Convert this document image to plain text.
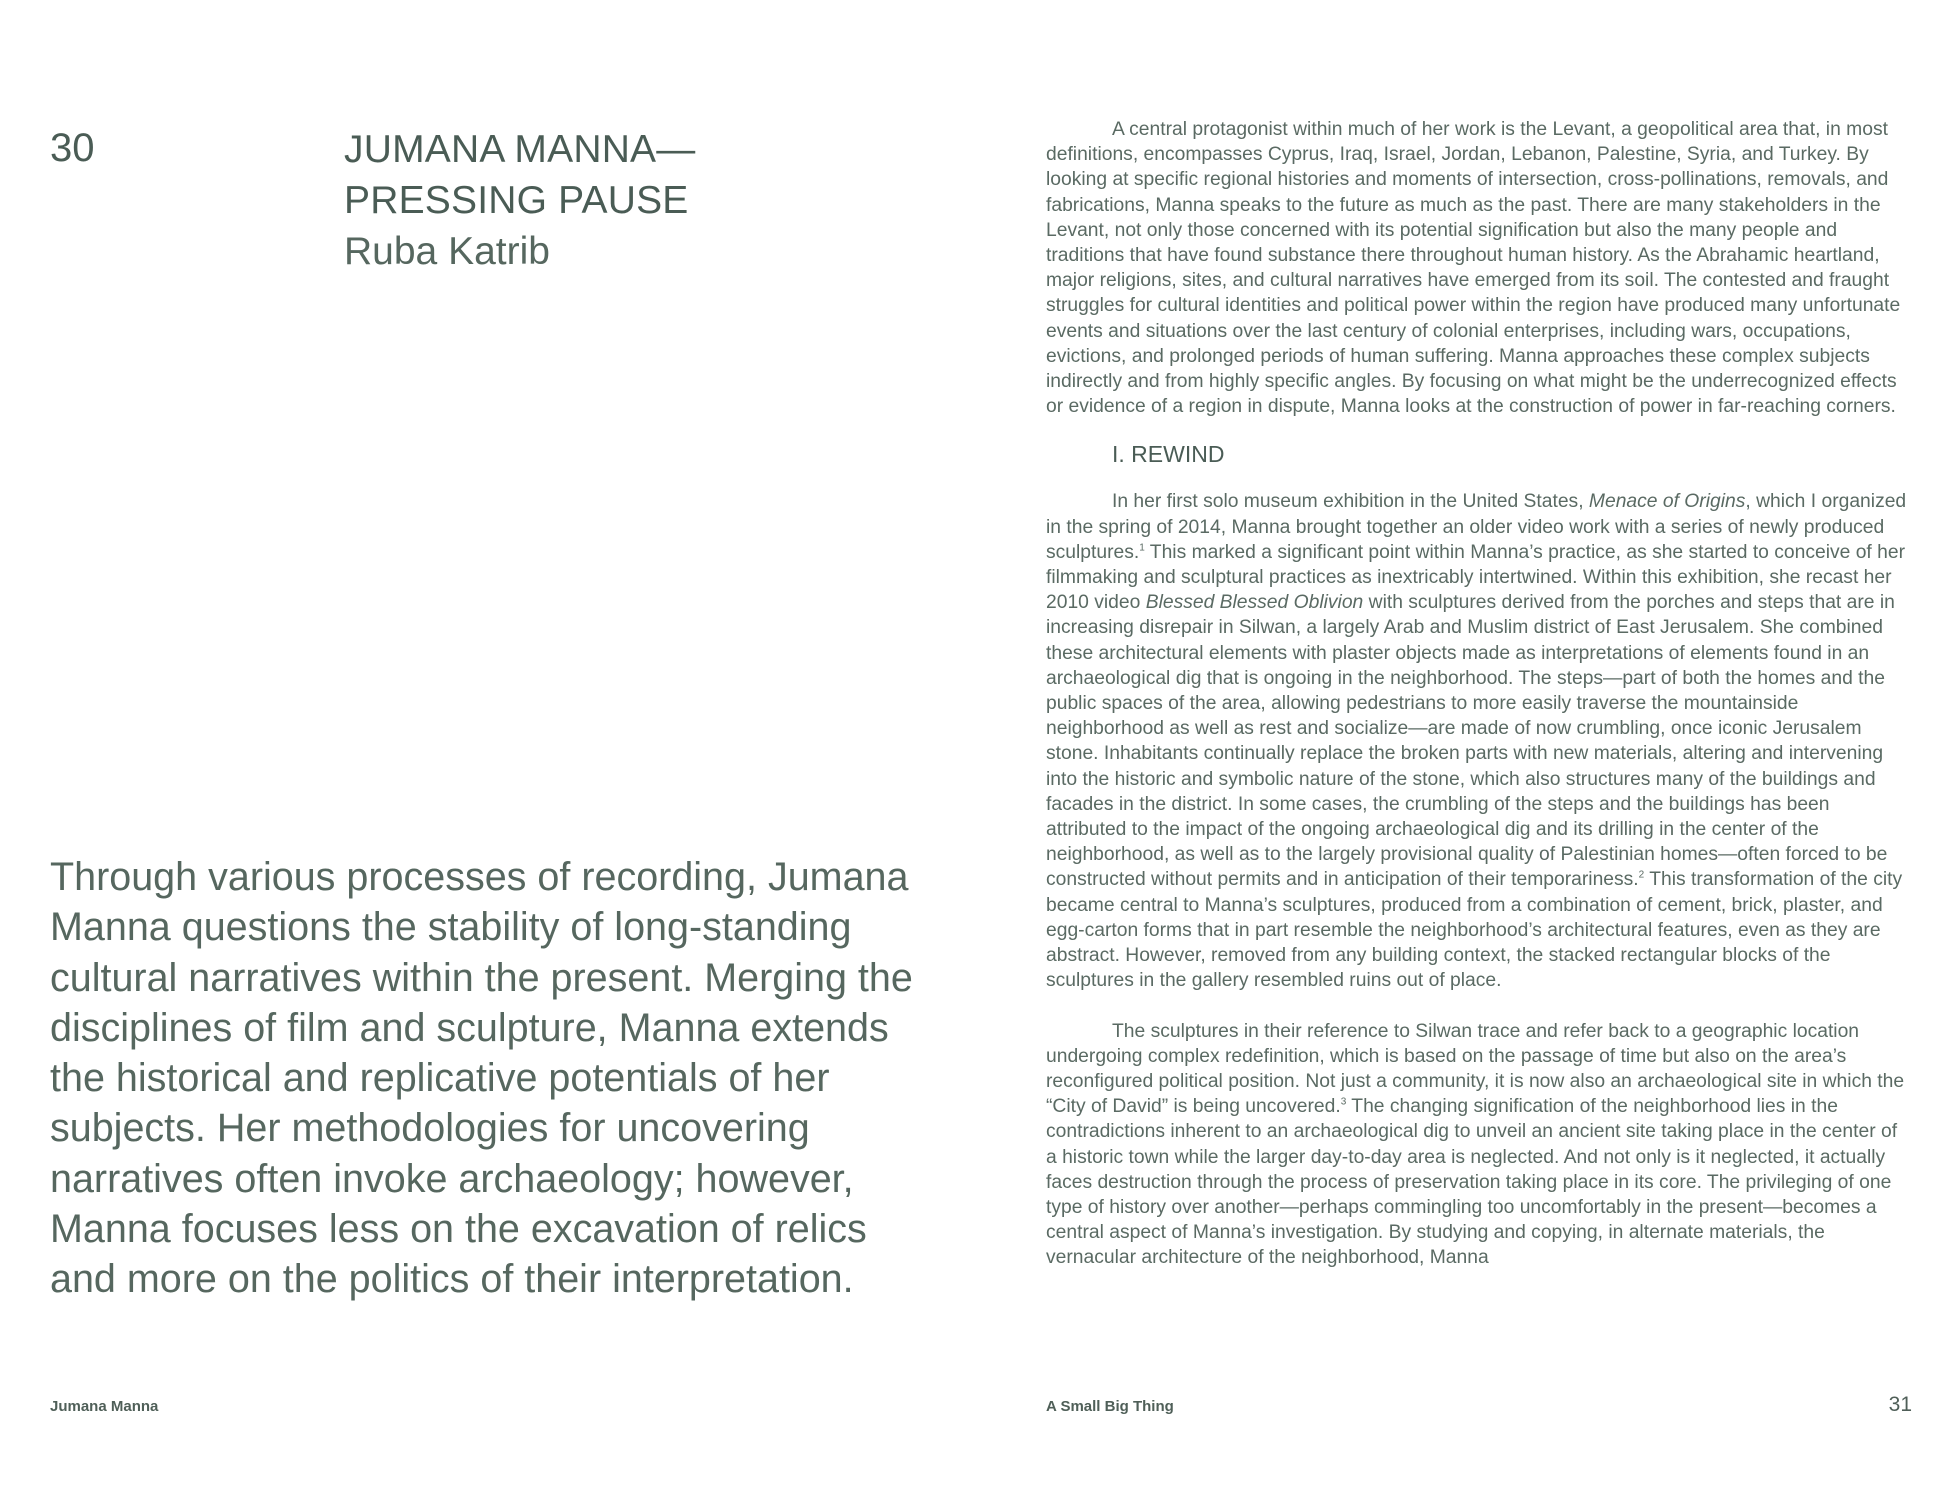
30	JUMANA MANNA—
PRESSING PAUSE
Ruba Katrib
Through various processes of recording, Jumana Manna questions the stability of long-standing cultural narratives within the present. Merging the disciplines of film and sculpture, Manna extends the historical and replicative potentials of her subjects. Her methodologies for uncovering narratives often invoke archaeology; however, Manna focuses less on the excavation of relics and more on the politics of their interpretation.
Jumana Manna

A central protagonist within much of her work is the Levant, a geopolitical area that, in most definitions, encompasses Cyprus, Iraq, Israel, Jordan, Lebanon, Palestine, Syria, and Turkey. By looking at specific regional histories and moments of intersection, cross-pollinations, removals, and fabrications, Manna speaks to the future as much as the past. There are many stakeholders in the Levant, not only those concerned with its potential signification but also the many people and traditions that have found substance there throughout human history. As the Abrahamic heartland, major religions, sites, and cultural narratives have emerged from its soil. The contested and fraught struggles for cultural identities and political power within the region have produced many unfortunate events and situations over the last century of colonial enterprises, including wars, occupations, evictions, and prolonged periods of human suffering. Manna approaches these complex subjects indirectly and from highly specific angles. By focusing on what might be the underrecognized effects or evidence of a region in dispute, Manna looks at the construction of power in far-reaching corners.

I. REWIND

In her first solo museum exhibition in the United States, Menace of Origins, which I organized in the spring of 2014, Manna brought together an older video work with a series of newly produced sculptures.$^1$ This marked a significant point within Manna’s practice, as she started to conceive of her filmmaking and sculptural practices as inextricably intertwined. Within this exhibition, she recast her 2010 video Blessed Blessed Oblivion with sculptures derived from the porches and steps that are in increasing disrepair in Silwan, a largely Arab and Muslim district of East Jerusalem. She combined these architectural elements with plaster objects made as interpretations of elements found in an archaeological dig that is ongoing in the neighborhood. The steps—part of both the homes and the public spaces of the area, allowing pedestrians to more easily traverse the mountainside neighborhood as well as rest and socialize—are made of now crumbling, once iconic Jerusalem stone. Inhabitants continually replace the broken parts with new materials, altering and intervening into the historic and symbolic nature of the stone, which also structures many of the buildings and facades in the district. In some cases, the crumbling of the steps and the buildings has been attributed to the impact of the ongoing archaeological dig and its drilling in the center of the neighborhood, as well as to the largely provisional quality of Palestinian homes—often forced to be constructed without permits and in anticipation of their temporariness.$^2$ This transformation of the city became central to Manna’s sculptures, produced from a combination of cement, brick, plaster, and egg-carton forms that in part resemble the neighborhood’s architectural features, even as they are abstract. However, removed from any building context, the stacked rectangular blocks of the sculptures in the gallery resembled ruins out of place.

The sculptures in their reference to Silwan trace and refer back to a geographic location undergoing complex redefinition, which is based on the passage of time but also on the area’s reconfigured political position. Not just a community, it is now also an archaeological site in which the “City of David” is being uncovered.$^3$ The changing signification of the neighborhood lies in the contradictions inherent to an archaeological dig to unveil an ancient site taking place in the center of a historic town while the larger day-to-day area is neglected. And not only is it neglected, it actually faces destruction through the process of preservation taking place in its core. The privileging of one type of history over another—perhaps commingling too uncomfortably in the present—becomes a central aspect of Manna’s investigation. By studying and copying, in alternate materials, the vernacular architecture of the neighborhood, Manna

A Small Big Thing	31
